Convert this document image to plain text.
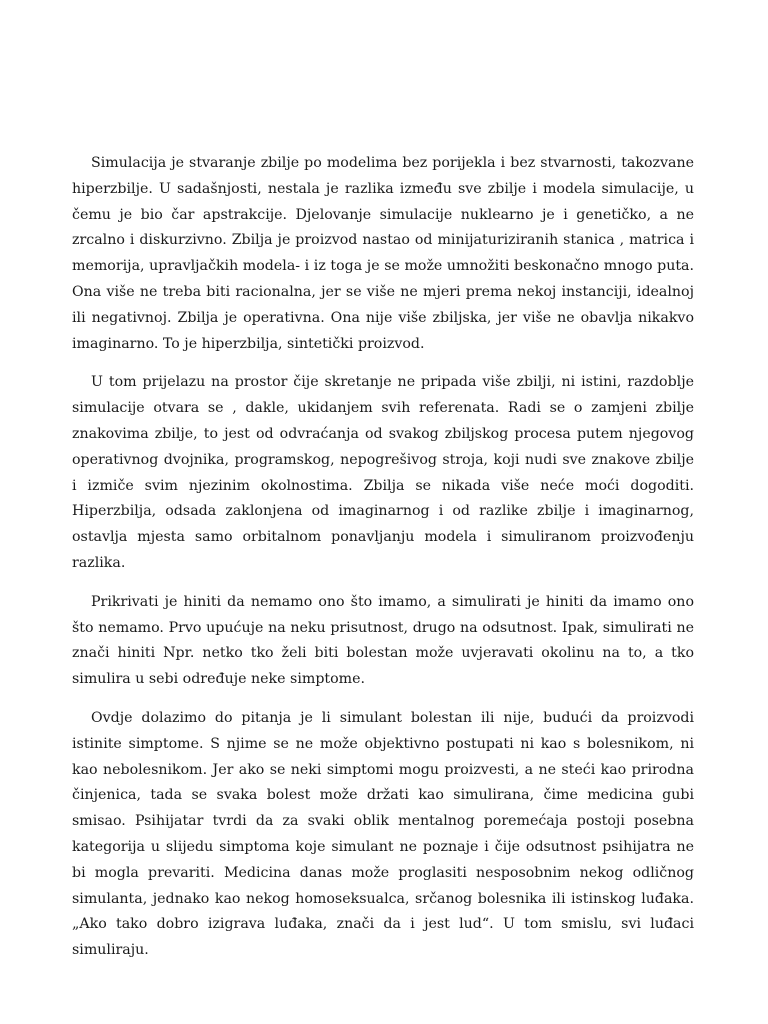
Simulacija je stvaranje zbilje po modelima bez porijekla i bez stvarnosti, takozvane hiperzbilje. U sadašnjosti, nestala je razlika između sve zbilje i modela simulacije, u čemu je bio čar apstrakcije. Djelovanje simulacije nuklearno je i genetičko, a ne zrcalno i diskurzivno. Zbilja je proizvod nastao od minijaturiziranih stanica , matrica i memorija, upravljačkih modela- i iz toga je se može umnožiti beskonačno mnogo puta. Ona više ne treba biti racionalna, jer se više ne mjeri prema nekoj instanciji, idealnoj ili negativnoj. Zbilja je operativna. Ona nije više zbiljska, jer više ne obavlja nikakvo imaginarno. To je hiperzbilja, sintetički proizvod.

U tom prijelazu na prostor čije skretanje ne pripada više zbilji, ni istini, razdoblje simulacije otvara se , dakle, ukidanjem svih referenata. Radi se o zamjeni zbilje znakovima zbilje, to jest od odvraćanja od svakog zbiljskog procesa putem njegovog operativnog dvojnika, programskog, nepogrešivog stroja, koji nudi sve znakove zbilje i izmiče svim njezinim okolnostima. Zbilja se nikada više neće moći dogoditi. Hiperzbilja, odsada zaklonjena od imaginarnog i od razlike zbilje i imaginarnog, ostavlja mjesta samo orbitalnom ponavljanju modela i simuliranom proizvođenju razlika.

Prikrivati je hiniti da nemamo ono što imamo, a simulirati je hiniti da imamo ono što nemamo. Prvo upućuje na neku prisutnost, drugo na odsutnost. Ipak, simulirati ne znači hiniti Npr. netko tko želi biti bolestan može uvjeravati okolinu na to, a tko simulira u sebi određuje neke simptome.

Ovdje dolazimo do pitanja je li simulant bolestan ili nije, budući da proizvodi istinite simptome. S njime se ne može objektivno postupati ni kao s bolesnikom, ni kao nebolesnikom. Jer ako se neki simptomi mogu proizvesti, a ne steći kao prirodna činjenica, tada se svaka bolest može držati kao simulirana, čime medicina gubi smisao. Psihijatar tvrdi da za svaki oblik mentalnog poremećaja postoji posebna kategorija u slijedu simptoma koje simulant ne poznaje i čije odsutnost psihijatra ne bi mogla prevariti. Medicina danas može proglasiti nesposobnim nekog odličnog simulanta, jednako kao nekog homoseksualca, srčanog bolesnika ili istinskog luđaka. „Ako tako dobro izigrava luđaka, znači da i jest lud“. U tom smislu, svi luđaci simuliraju.
